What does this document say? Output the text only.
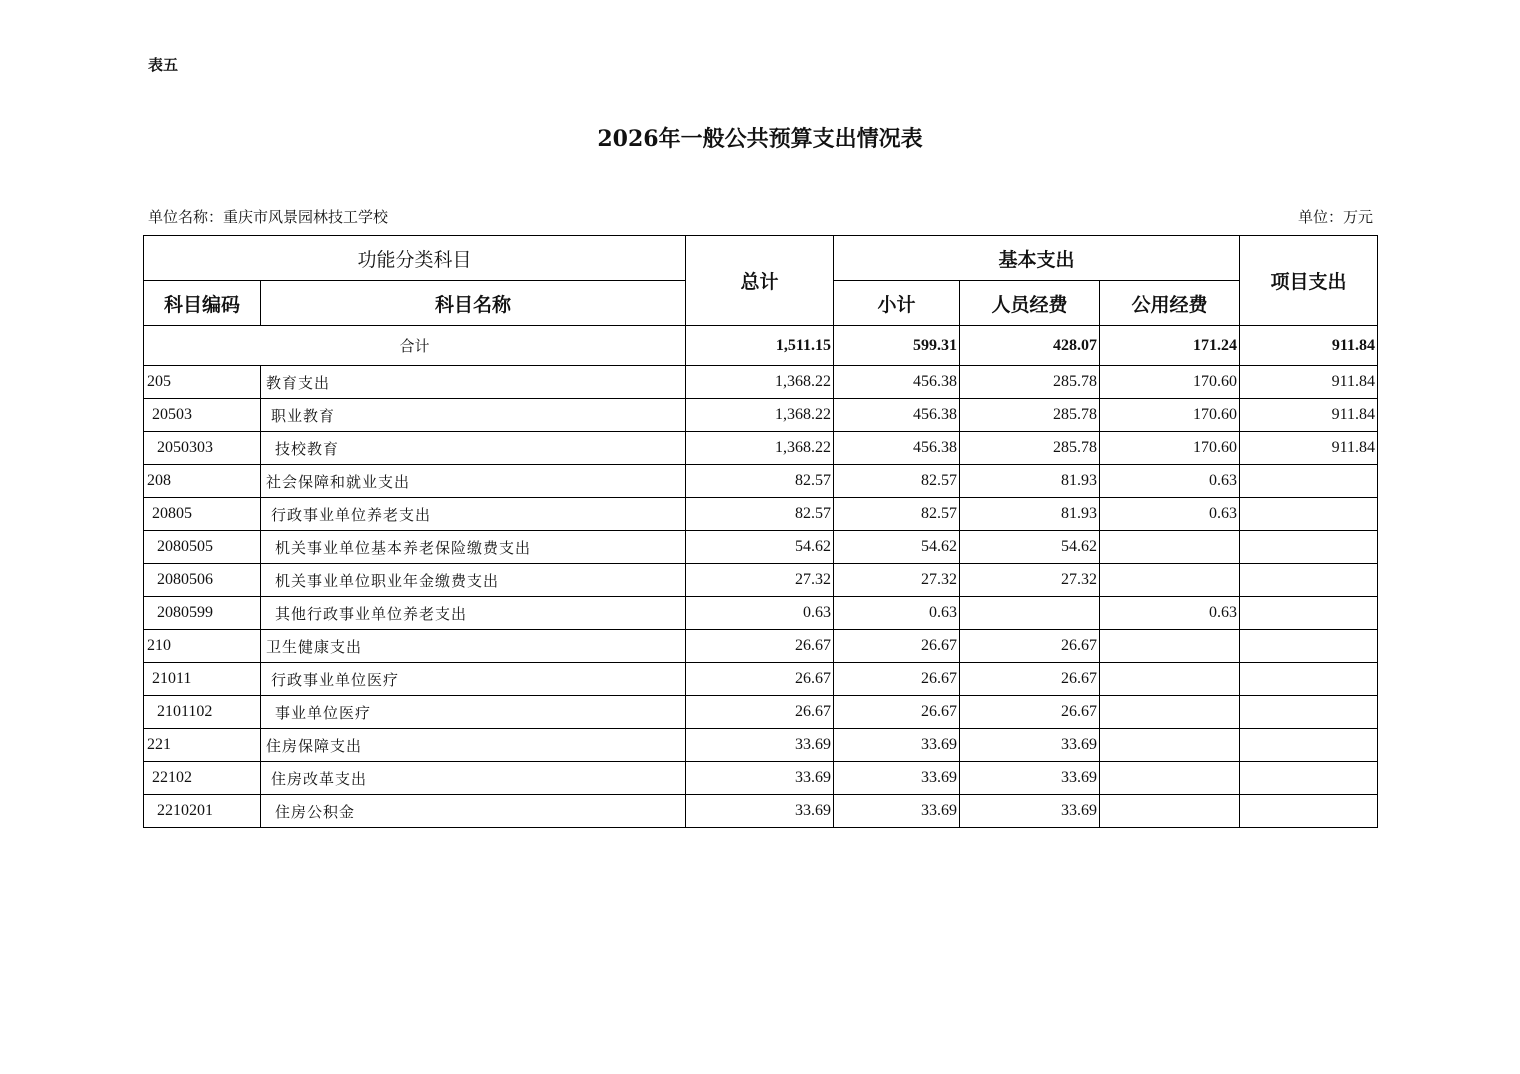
表五
2026年一般公共预算支出情况表
单位名称：重庆市风景园林技工学校	单位：万元
功能分类科目		总计	基本支出			项目支出
科目编码	科目名称		小计	人员经费	公用经费	
合计		1,511.15	599.31	428.07	171.24	911.84
205	教育支出	1,368.22	456.38	285.78	170.60	911.84
20503	职业教育	1,368.22	456.38	285.78	170.60	911.84
2050303	技校教育	1,368.22	456.38	285.78	170.60	911.84
208	社会保障和就业支出	82.57	82.57	81.93	0.63	
20805	行政事业单位养老支出	82.57	82.57	81.93	0.63	
2080505	机关事业单位基本养老保险缴费支出	54.62	54.62	54.62		
2080506	机关事业单位职业年金缴费支出	27.32	27.32	27.32		
2080599	其他行政事业单位养老支出	0.63	0.63		0.63	
210	卫生健康支出	26.67	26.67	26.67		
21011	行政事业单位医疗	26.67	26.67	26.67		
2101102	事业单位医疗	26.67	26.67	26.67		
221	住房保障支出	33.69	33.69	33.69		
22102	住房改革支出	33.69	33.69	33.69		
2210201	住房公积金	33.69	33.69	33.69		
